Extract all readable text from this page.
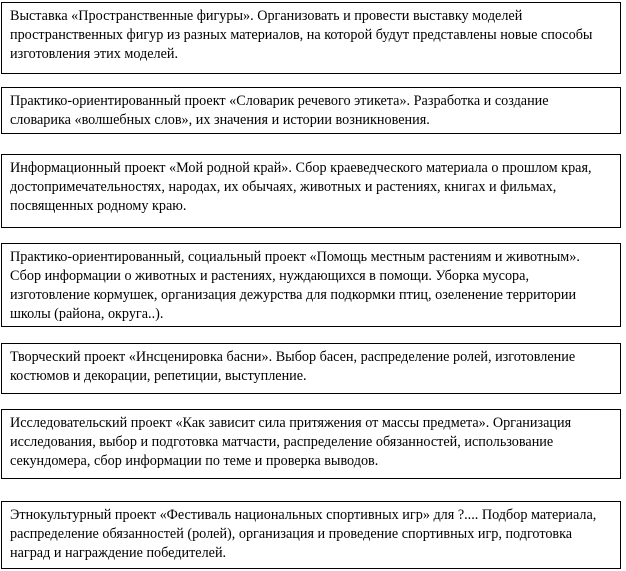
Выставка «Пространственные фигуры». Организовать и провести выставку моделей пространственных фигур из разных материалов, на которой будут представлены новые способы изготовления этих моделей.

Практико-ориентированный проект «Словарик речевого этикета». Разработка и создание словарика «волшебных слов», их значения и истории возникновения.

Информационный проект «Мой родной край». Сбор краеведческого материала о прошлом края, достопримечательностях, народах, их обычаях, животных и растениях, книгах и фильмах, посвященных родному краю.

Практико-ориентированный, социальный проект «Помощь местным растениям и животным». Сбор информации о животных и растениях, нуждающихся в помощи. Уборка мусора, изготовление кормушек, организация дежурства для подкормки птиц, озеленение территории школы (района, округа..).

Творческий проект «Инсценировка басни». Выбор басен, распределение ролей, изготовление костюмов и декорации, репетиции, выступление.

Исследовательский проект «Как зависит сила притяжения от массы предмета». Организация исследования, выбор и подготовка матчасти, распределение обязанностей, использование секундомера, сбор информации по теме и проверка выводов.

Этнокультурный проект «Фестиваль национальных спортивных игр» для ?.... Подбор материала, распределение обязанностей (ролей), организация и проведение спортивных игр, подготовка наград и награждение победителей.
